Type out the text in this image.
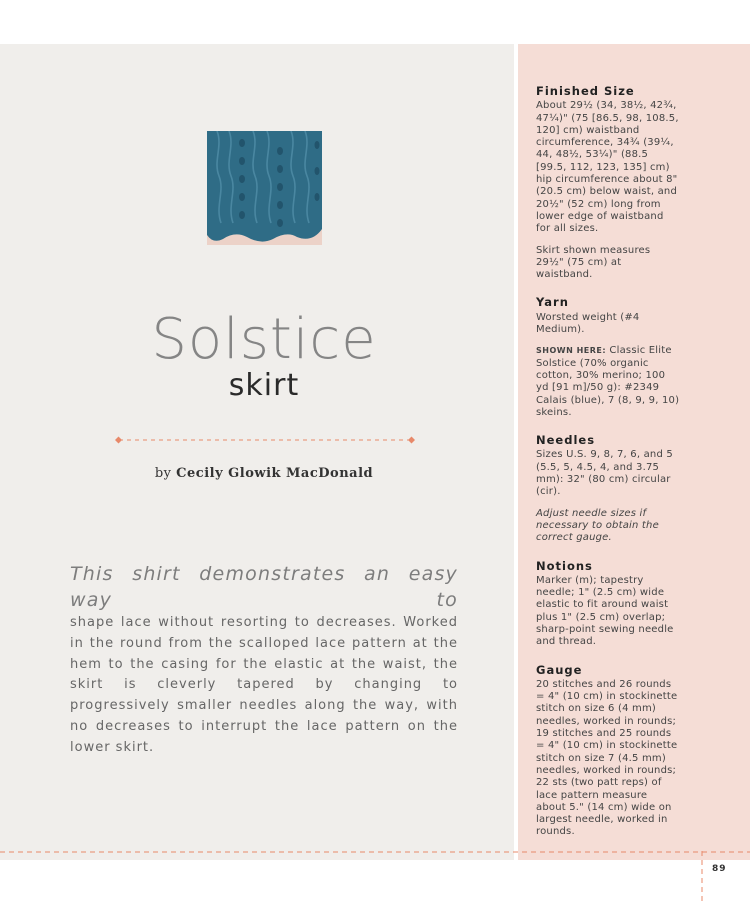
Solstice
skirt
by Cecily Glowik MacDonald
This shirt demonstrates an easy way to
shape lace without resorting to decreases. Worked in the round from the scalloped lace pattern at the hem to the casing for the elastic at the waist, the skirt is cleverly tapered by changing to progressively smaller needles along the way, with no decreases to interrupt the lace pattern on the lower skirt.
Finished Size
About 29½ (34, 38½, 42¾, 47¼)" (75 [86.5, 98, 108.5, 120] cm) waistband circumference, 34¾ (39¼, 44, 48½, 53¼)" (88.5 [99.5, 112, 123, 135] cm) hip circumference about 8" (20.5 cm) below waist, and 20½" (52 cm) long from lower edge of waistband for all sizes.
Skirt shown measures 29½" (75 cm) at waistband.
Yarn
Worsted weight (#4 Medium).
SHOWN HERE: Classic Elite Solstice (70% organic cotton, 30% merino; 100 yd [91 m]/50 g): #2349 Calais (blue), 7 (8, 9, 9, 10) skeins.
Needles
Sizes U.S. 9, 8, 7, 6, and 5 (5.5, 5, 4.5, 4, and 3.75 mm): 32" (80 cm) circular (cir).
Adjust needle sizes if necessary to obtain the correct gauge.
Notions
Marker (m); tapestry needle; 1" (2.5 cm) wide elastic to fit around waist plus 1" (2.5 cm) overlap; sharp-point sewing needle and thread.
Gauge
20 stitches and 26 rounds = 4" (10 cm) in stockinette stitch on size 6 (4 mm) needles, worked in rounds; 19 stitches and 25 rounds = 4" (10 cm) in stockinette stitch on size 7 (4.5 mm) needles, worked in rounds; 22 sts (two patt reps) of lace pattern measure about 5." (14 cm) wide on largest needle, worked in rounds.
89
